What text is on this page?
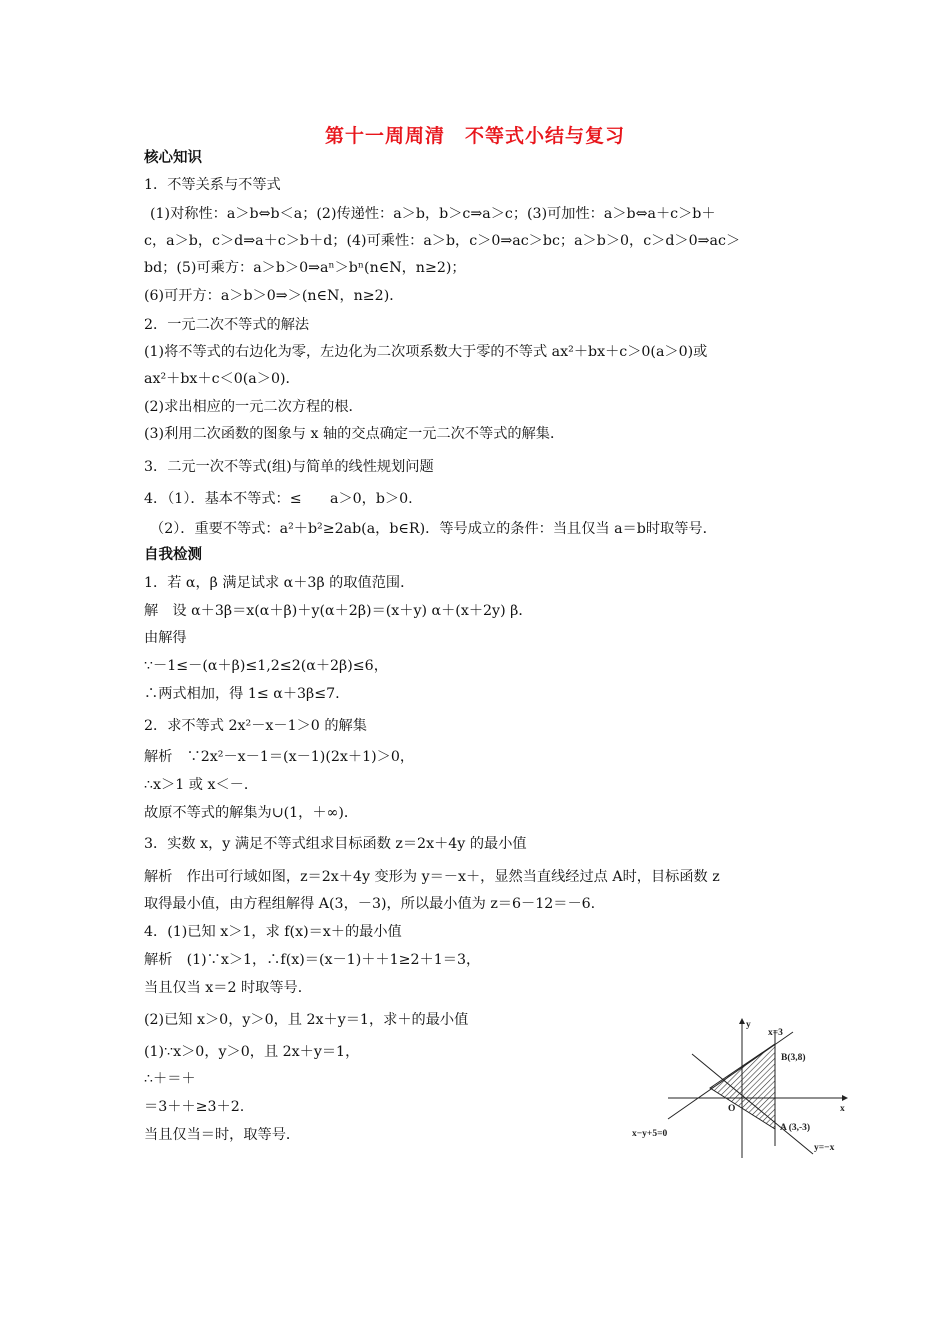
第十一周周清　不等式小结与复习
核心知识
1．不等关系与不等式
(1)对称性：a＞b⇔b＜a；(2)传递性：a＞b，b＞c⇒a＞c；(3)可加性：a＞b⇔a＋c＞b＋
c，a＞b，c＞d⇒a＋c＞b＋d；(4)可乘性：a＞b，c＞0⇒ac＞bc；a＞b＞0，c＞d＞0⇒ac＞
bd；(5)可乘方：a＞b＞0⇒aⁿ＞bⁿ(n∈N，n≥2)；
(6)可开方：a＞b＞0⇒＞(n∈N，n≥2)．
2．一元二次不等式的解法
(1)将不等式的右边化为零，左边化为二次项系数大于零的不等式 ax²＋bx＋c＞0(a＞0)或
ax²＋bx＋c＜0(a＞0)．
(2)求出相应的一元二次方程的根．
(3)利用二次函数的图象与 x 轴的交点确定一元二次不等式的解集．
3．二元一次不等式(组)与简单的线性规划问题
4．（1）．基本不等式：≤　　a＞0，b＞0.
（2）．重要不等式：a²＋b²≥2ab(a，b∈R)．等号成立的条件：当且仅当 a＝b时取等号．
自我检测
1．若 α，β 满足试求 α＋3β 的取值范围．
解　设 α＋3β＝x(α＋β)＋y(α＋2β)＝(x＋y) α＋(x＋2y) β．
由解得
∵－1≤－(α＋β)≤1,2≤2(α＋2β)≤6，
∴两式相加，得 1≤ α＋3β≤7.
2．求不等式 2x²－x－1＞0 的解集
解析　∵2x²－x－1＝(x－1)(2x＋1)＞0，
∴x＞1 或 x＜－．
故原不等式的解集为∪(1，＋∞)．
3．实数 x，y 满足不等式组求目标函数 z＝2x＋4y 的最小值
解析　作出可行域如图，z＝2x＋4y 变形为 y＝－x＋，显然当直线经过点 A时，目标函数 z
取得最小值，由方程组解得 A(3，－3)，所以最小值为 z＝6－12＝－6.
4．(1)已知 x＞1，求 f(x)＝x＋的最小值
解析　(1)∵x＞1，∴f(x)＝(x－1)＋＋1≥2＋1＝3，
当且仅当 x＝2 时取等号．
(2)已知 x＞0，y＞0，且 2x＋y＝1，求＋的最小值
(1)∵x＞0，y＞0，且 2x＋y＝1，
∴＋＝＋
＝3＋＋≥3＋2.
当且仅当＝时，取等号．
y
x
x=3
B(3,8)
O
A (3,-3)
x−y+5=0
y=−x
